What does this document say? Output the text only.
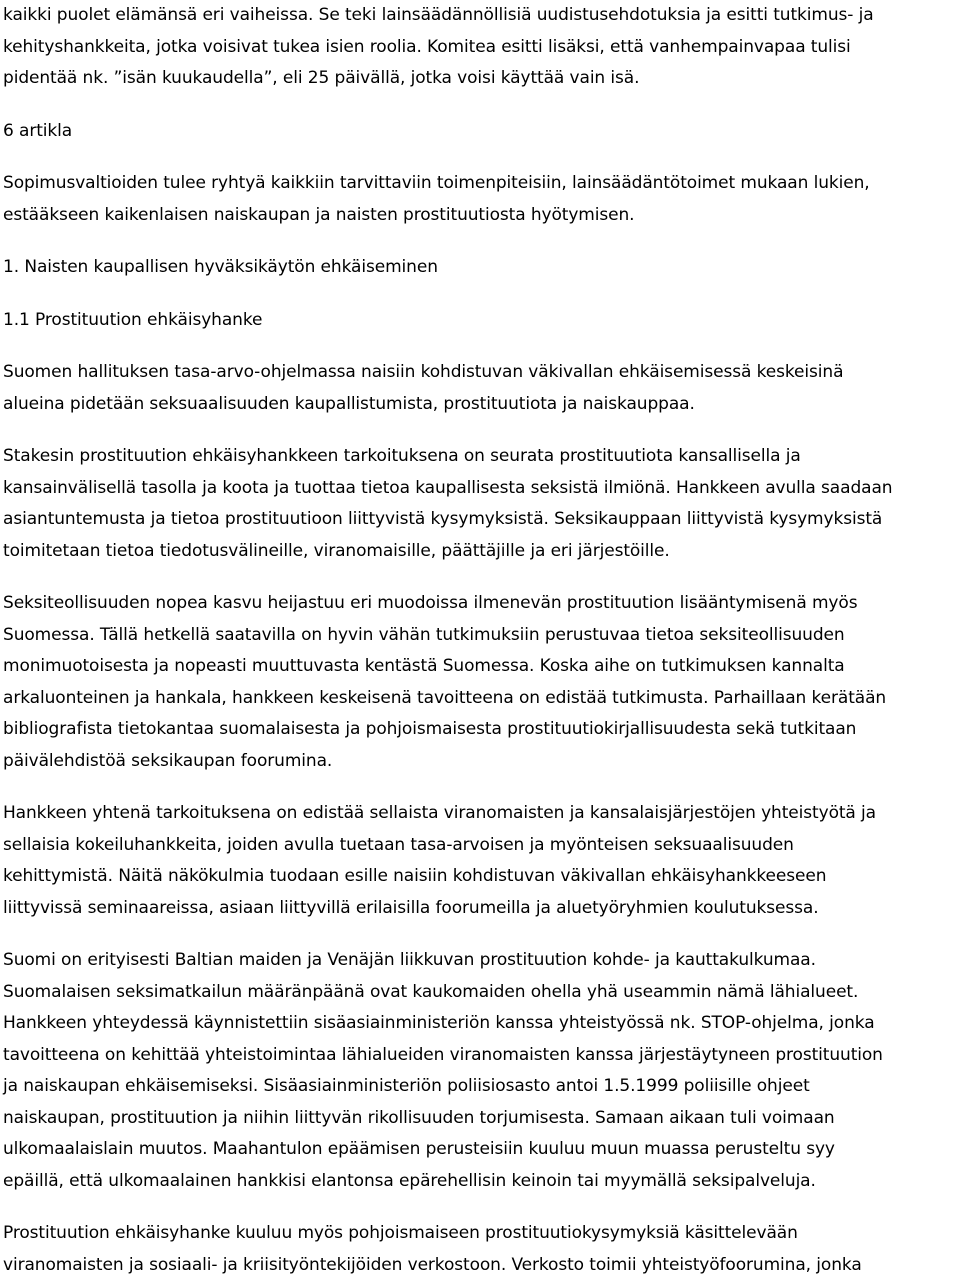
kaikki puolet elämänsä eri vaiheissa. Se teki lainsäädännöllisiä uudistusehdotuksia ja esitti tutkimus- ja
kehityshankkeita, jotka voisivat tukea isien roolia. Komitea esitti lisäksi, että vanhempainvapaa tulisi
pidentää nk. ”isän kuukaudella”, eli 25 päivällä, jotka voisi käyttää vain isä.
6 artikla
Sopimusvaltioiden tulee ryhtyä kaikkiin tarvittaviin toimenpiteisiin, lainsäädäntötoimet mukaan lukien,
estääkseen kaikenlaisen naiskaupan ja naisten prostituutiosta hyötymisen.
1. Naisten kaupallisen hyväksikäytön ehkäiseminen
1.1 Prostituution ehkäisyhanke
Suomen hallituksen tasa-arvo-ohjelmassa naisiin kohdistuvan väkivallan ehkäisemisessä keskeisinä
alueina pidetään seksuaalisuuden kaupallistumista, prostituutiota ja naiskauppaa.
Stakesin prostituution ehkäisyhankkeen tarkoituksena on seurata prostituutiota kansallisella ja
kansainvälisellä tasolla ja koota ja tuottaa tietoa kaupallisesta seksistä ilmiönä. Hankkeen avulla saadaan
asiantuntemusta ja tietoa prostituutioon liittyvistä kysymyksistä. Seksikauppaan liittyvistä kysymyksistä
toimitetaan tietoa tiedotusvälineille, viranomaisille, päättäjille ja eri järjestöille.
Seksiteollisuuden nopea kasvu heijastuu eri muodoissa ilmenevän prostituution lisääntymisenä myös
Suomessa. Tällä hetkellä saatavilla on hyvin vähän tutkimuksiin perustuvaa tietoa seksiteollisuuden
monimuotoisesta ja nopeasti muuttuvasta kentästä Suomessa. Koska aihe on tutkimuksen kannalta
arkaluonteinen ja hankala, hankkeen keskeisenä tavoitteena on edistää tutkimusta. Parhaillaan kerätään
bibliografista tietokantaa suomalaisesta ja pohjoismaisesta prostituutiokirjallisuudesta sekä tutkitaan
päivälehdistöä seksikaupan foorumina.
Hankkeen yhtenä tarkoituksena on edistää sellaista viranomaisten ja kansalaisjärjestöjen yhteistyötä ja
sellaisia kokeiluhankkeita, joiden avulla tuetaan tasa-arvoisen ja myönteisen seksuaalisuuden
kehittymistä. Näitä näkökulmia tuodaan esille naisiin kohdistuvan väkivallan ehkäisyhankkeeseen
liittyvissä seminaareissa, asiaan liittyvillä erilaisilla foorumeilla ja aluetyöryhmien koulutuksessa.
Suomi on erityisesti Baltian maiden ja Venäjän liikkuvan prostituution kohde- ja kauttakulkumaa.
Suomalaisen seksimatkailun määränpäänä ovat kaukomaiden ohella yhä useammin nämä lähialueet.
Hankkeen yhteydessä käynnistettiin sisäasiainministeriön kanssa yhteistyössä nk. STOP-ohjelma, jonka
tavoitteena on kehittää yhteistoimintaa lähialueiden viranomaisten kanssa järjestäytyneen prostituution
ja naiskaupan ehkäisemiseksi. Sisäasiainministeriön poliisiosasto antoi 1.5.1999 poliisille ohjeet
naiskaupan, prostituution ja niihin liittyvän rikollisuuden torjumisesta. Samaan aikaan tuli voimaan
ulkomaalaislain muutos. Maahantulon epäämisen perusteisiin kuuluu muun muassa perusteltu syy
epäillä, että ulkomaalainen hankkisi elantonsa epärehellisin keinoin tai myymällä seksipalveluja.
Prostituution ehkäisyhanke kuuluu myös pohjoismaiseen prostituutiokysymyksiä käsittelevään
viranomaisten ja sosiaali- ja kriisityöntekijöiden verkostoon. Verkosto toimii yhteistyöfoorumina, jonka
